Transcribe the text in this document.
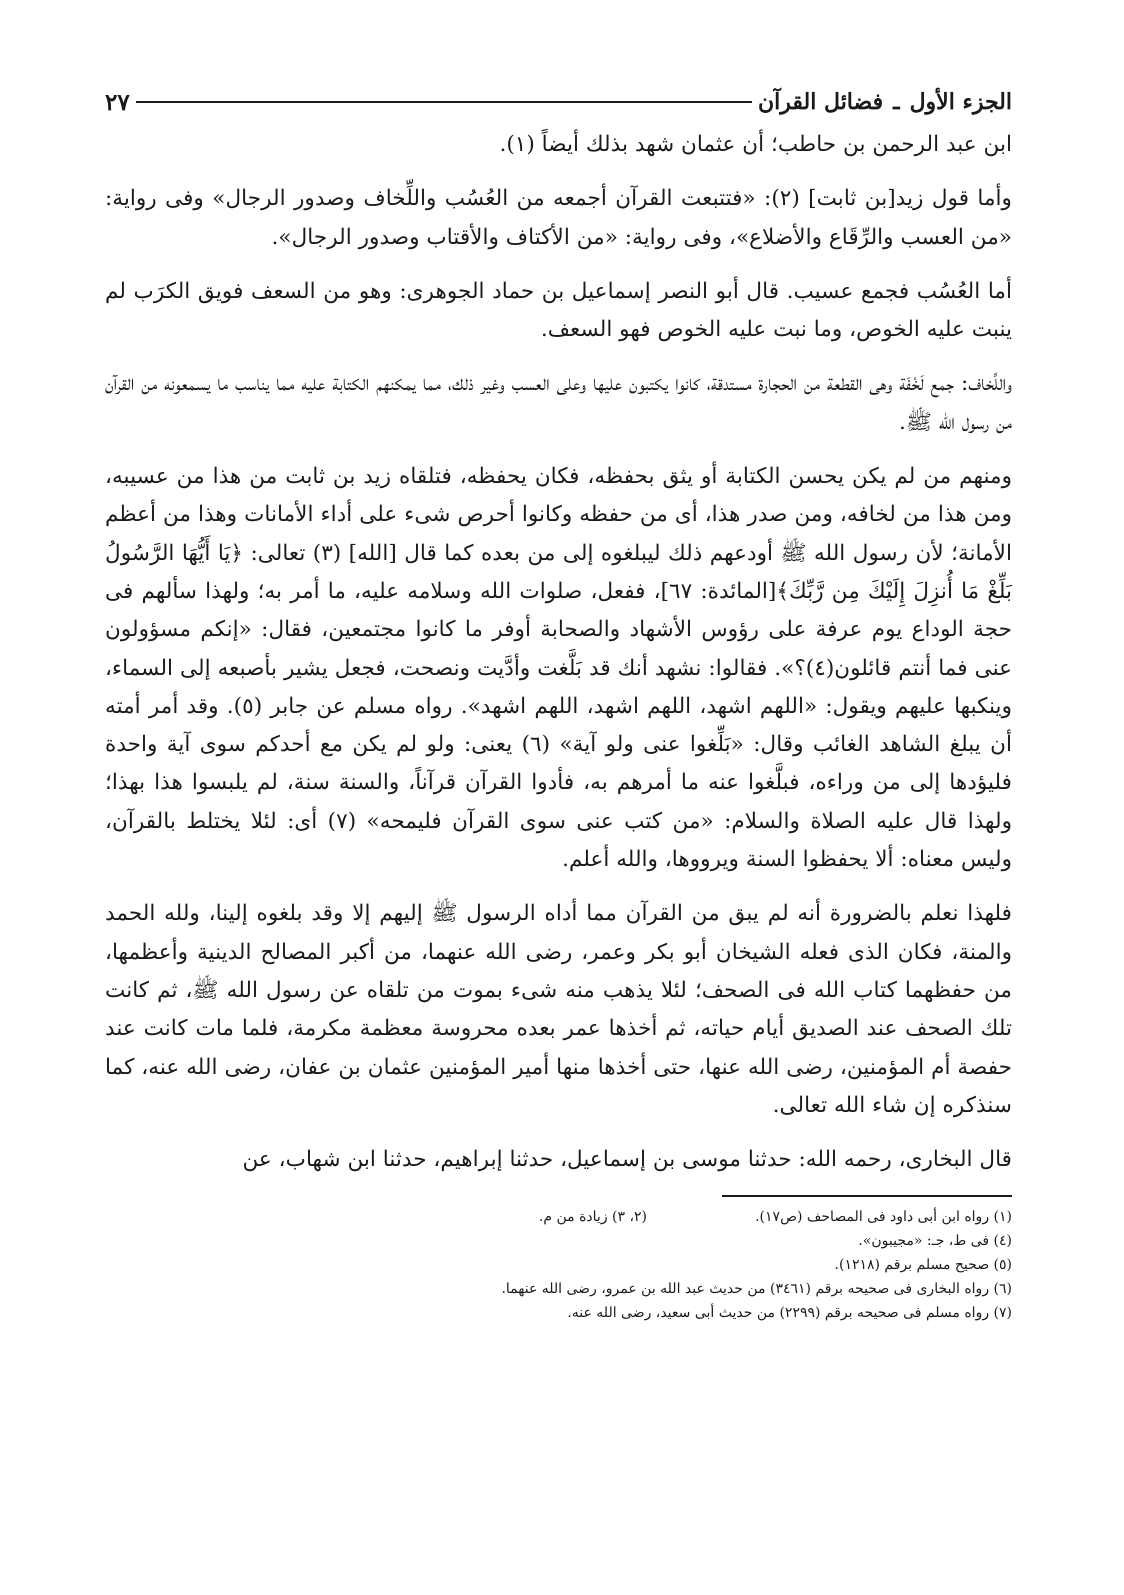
الجزء الأول
ـ
فضائل القرآن
٢٧

ابن عبد الرحمن بن حاطب؛ أن عثمان شهد بذلك أيضاً (١).

وأما قول زيد[بن ثابت] (٢): «فتتبعت القرآن أجمعه من العُسُب واللِّخاف وصدور الرجال» وفى رواية: «من العسب والرِّقَاع والأضلاع»، وفى رواية: «من الأكتاف والأقتاب وصدور الرجال».

أما العُسُب فجمع عسيب. قال أبو النصر إسماعيل بن حماد الجوهرى: وهو من السعف فويق الكرَب لم ينبت عليه الخوص، وما نبت عليه الخوص فهو السعف.

واللِّخاف: جمع لَخْفَة وهى القطعة من الحجارة مستدقة، كانوا يكتبون عليها وعلى العسب وغير ذلك، مما يمكنهم الكتابة عليه مما يناسب ما يسمعونه من القرآن من رسول الله ﷺ.

ومنهم من لم يكن يحسن الكتابة أو يثق بحفظه، فكان يحفظه، فتلقاه زيد بن ثابت من هذا من عسيبه، ومن هذا من لخافه، ومن صدر هذا، أى من حفظه وكانوا أحرص شىء على أداء الأمانات وهذا من أعظم الأمانة؛ لأن رسول الله ﷺ أودعهم ذلك ليبلغوه إلى من بعده كما قال [الله] (٣) تعالى: ﴿يَا أَيُّهَا الرَّسُولُ بَلِّغْ مَا أُنزِلَ إِلَيْكَ مِن رَّبِّكَ﴾[المائدة: ٦٧]، ففعل، صلوات الله وسلامه عليه، ما أمر به؛ ولهذا سألهم فى حجة الوداع يوم عرفة على رؤوس الأشهاد والصحابة أوفر ما كانوا مجتمعين، فقال: «إنكم مسؤولون عنى فما أنتم قائلون(٤)؟». فقالوا: نشهد أنك قد بَلَّغت وأدَّيت ونصحت، فجعل يشير بأصبعه إلى السماء، وينكبها عليهم ويقول: «اللهم اشهد، اللهم اشهد، اللهم اشهد». رواه مسلم عن جابر (٥). وقد أمر أمته أن يبلغ الشاهد الغائب وقال: «بَلِّغوا عنى ولو آية» (٦) يعنى: ولو لم يكن مع أحدكم سوى آية واحدة فليؤدها إلى من وراءه، فبلَّغوا عنه ما أمرهم به، فأدوا القرآن قرآناً، والسنة سنة، لم يلبسوا هذا بهذا؛ ولهذا قال عليه الصلاة والسلام: «من كتب عنى سوى القرآن فليمحه» (٧) أى: لئلا يختلط بالقرآن، وليس معناه: ألا يحفظوا السنة ويرووها، والله أعلم.

فلهذا نعلم بالضرورة أنه لم يبق من القرآن مما أداه الرسول ﷺ إليهم إلا وقد بلغوه إلينا، ولله الحمد والمنة، فكان الذى فعله الشيخان أبو بكر وعمر، رضى الله عنهما، من أكبر المصالح الدينية وأعظمها، من حفظهما كتاب الله فى الصحف؛ لئلا يذهب منه شىء بموت من تلقاه عن رسول الله ﷺ، ثم كانت تلك الصحف عند الصديق أيام حياته، ثم أخذها عمر بعده محروسة معظمة مكرمة، فلما مات كانت عند حفصة أم المؤمنين، رضى الله عنها، حتى أخذها منها أمير المؤمنين عثمان بن عفان، رضى الله عنه، كما سنذكره إن شاء الله تعالى.

قال البخارى، رحمه الله: حدثنا موسى بن إسماعيل، حدثنا إبراهيم، حدثنا ابن شهاب، عن

(١) رواه ابن أبى داود فى المصاحف (ص١٧).

(٢، ٣) زيادة من م.

(٤) فى ط، جـ: «مجيبون».

(٥) صحيح مسلم برقم (١٢١٨).

(٦) رواه البخارى فى صحيحه برقم (٣٤٦١) من حديث عبد الله بن عمرو، رضى الله عنهما.

(٧) رواه مسلم فى صحيحه برقم (٢٢٩٩) من حديث أبى سعيد، رضى الله عنه.
